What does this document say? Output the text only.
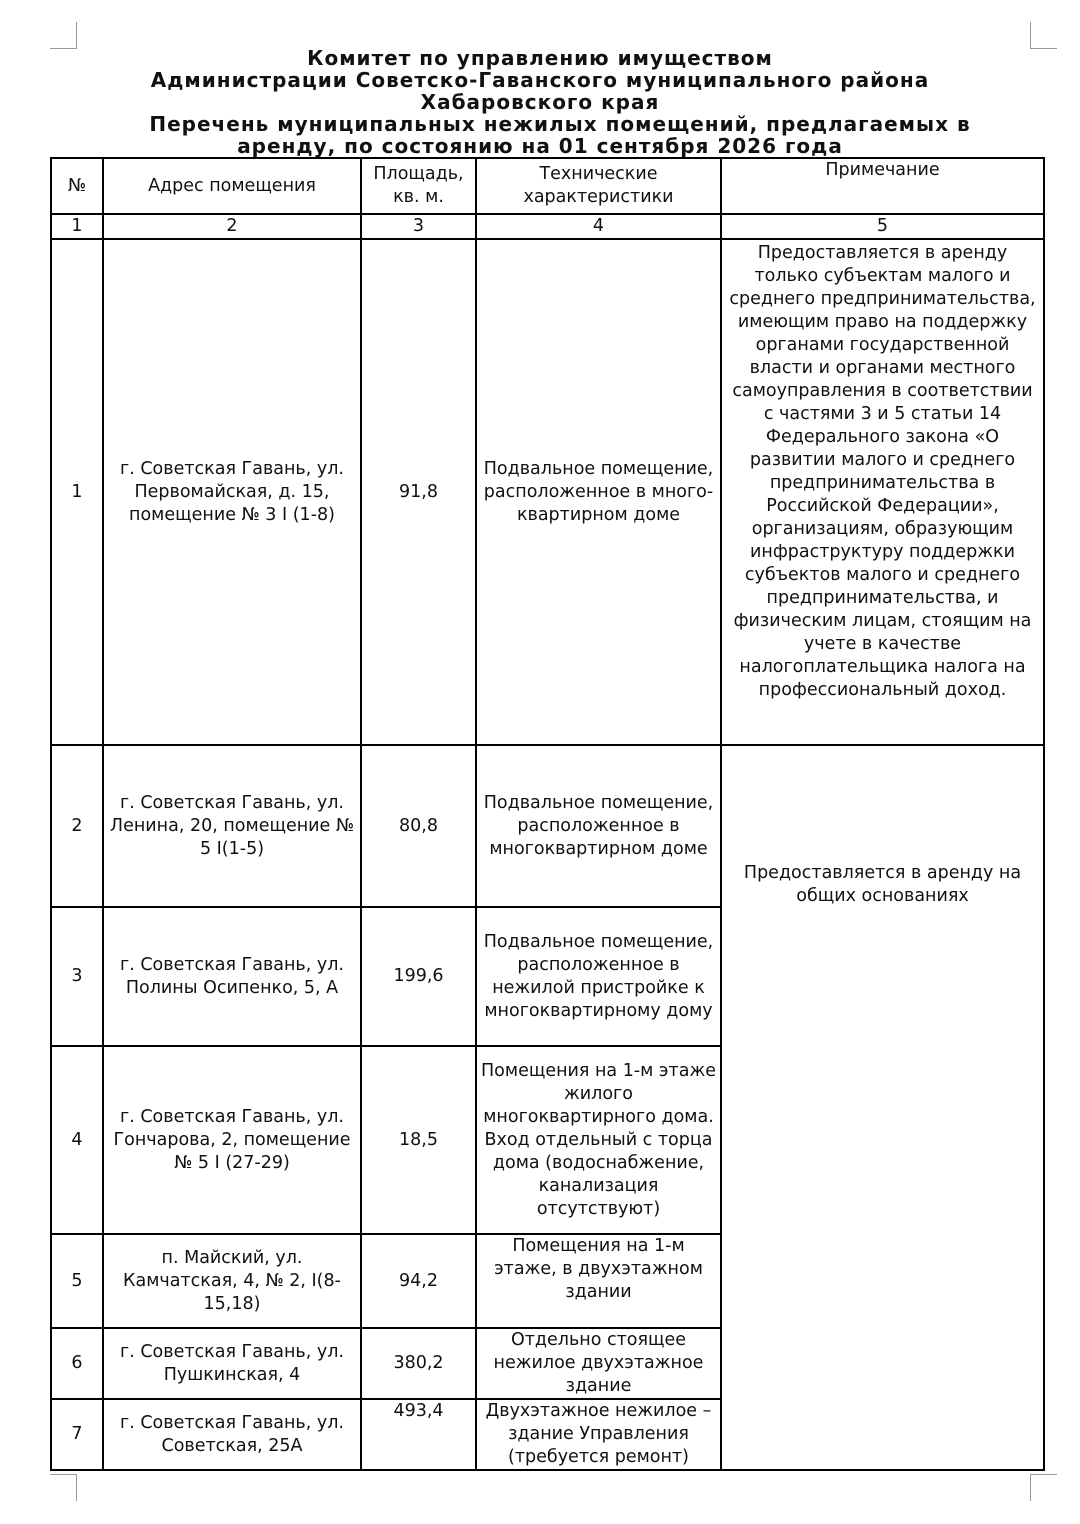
Комитет по управлению имуществом
Администрации Советско-Гаванского муниципального района
Хабаровского края
Перечень муниципальных нежилых помещений, предлагаемых в
аренду, по состоянию на 01 сентября 2026 года
№	Адрес помещения	Площадь, кв. м.	Технические характеристики	Примечание
1	2	3	4	5
1	г. Советская Гавань, ул. Первомайская, д. 15, помещение № 3 I (1-8)	91,8	Подвальное помещение, расположенное в много-квартирном доме	Предоставляется в аренду только субъектам малого и среднего предпринимательства, имеющим право на поддержку органами государственной власти и органами местного самоуправления в соответствии с частями 3 и 5 статьи 14 Федерального закона «О развитии малого и среднего предпринимательства в Российской Федерации», организациям, образующим инфраструктуру поддержки субъектов малого и среднего предпринимательства, и физическим лицам, стоящим на учете в качестве налогоплательщика налога на профессиональный доход.
2	г. Советская Гавань, ул. Ленина, 20, помещение № 5 I(1-5)	80,8	Подвальное помещение, расположенное в многоквартирном доме	Предоставляется в аренду на общих основаниях
3	г. Советская Гавань, ул. Полины Осипенко, 5, А	199,6	Подвальное помещение, расположенное в нежилой пристройке к многоквартирному дому	
4	г. Советская Гавань, ул. Гончарова, 2, помещение № 5 I (27-29)	18,5	Помещения на 1-м этаже жилого многоквартирного дома. Вход отдельный с торца дома (водоснабжение, канализация отсутствуют)	
5	п. Майский, ул. Камчатская, 4, № 2, I(8-15,18)	94,2	Помещения на 1-м этаже, в двухэтажном здании	
6	г. Советская Гавань, ул. Пушкинская, 4	380,2	Отдельно стоящее нежилое двухэтажное здание	
7	г. Советская Гавань, ул. Советская, 25А	493,4	Двухэтажное нежилое – здание Управления (требуется ремонт)	
